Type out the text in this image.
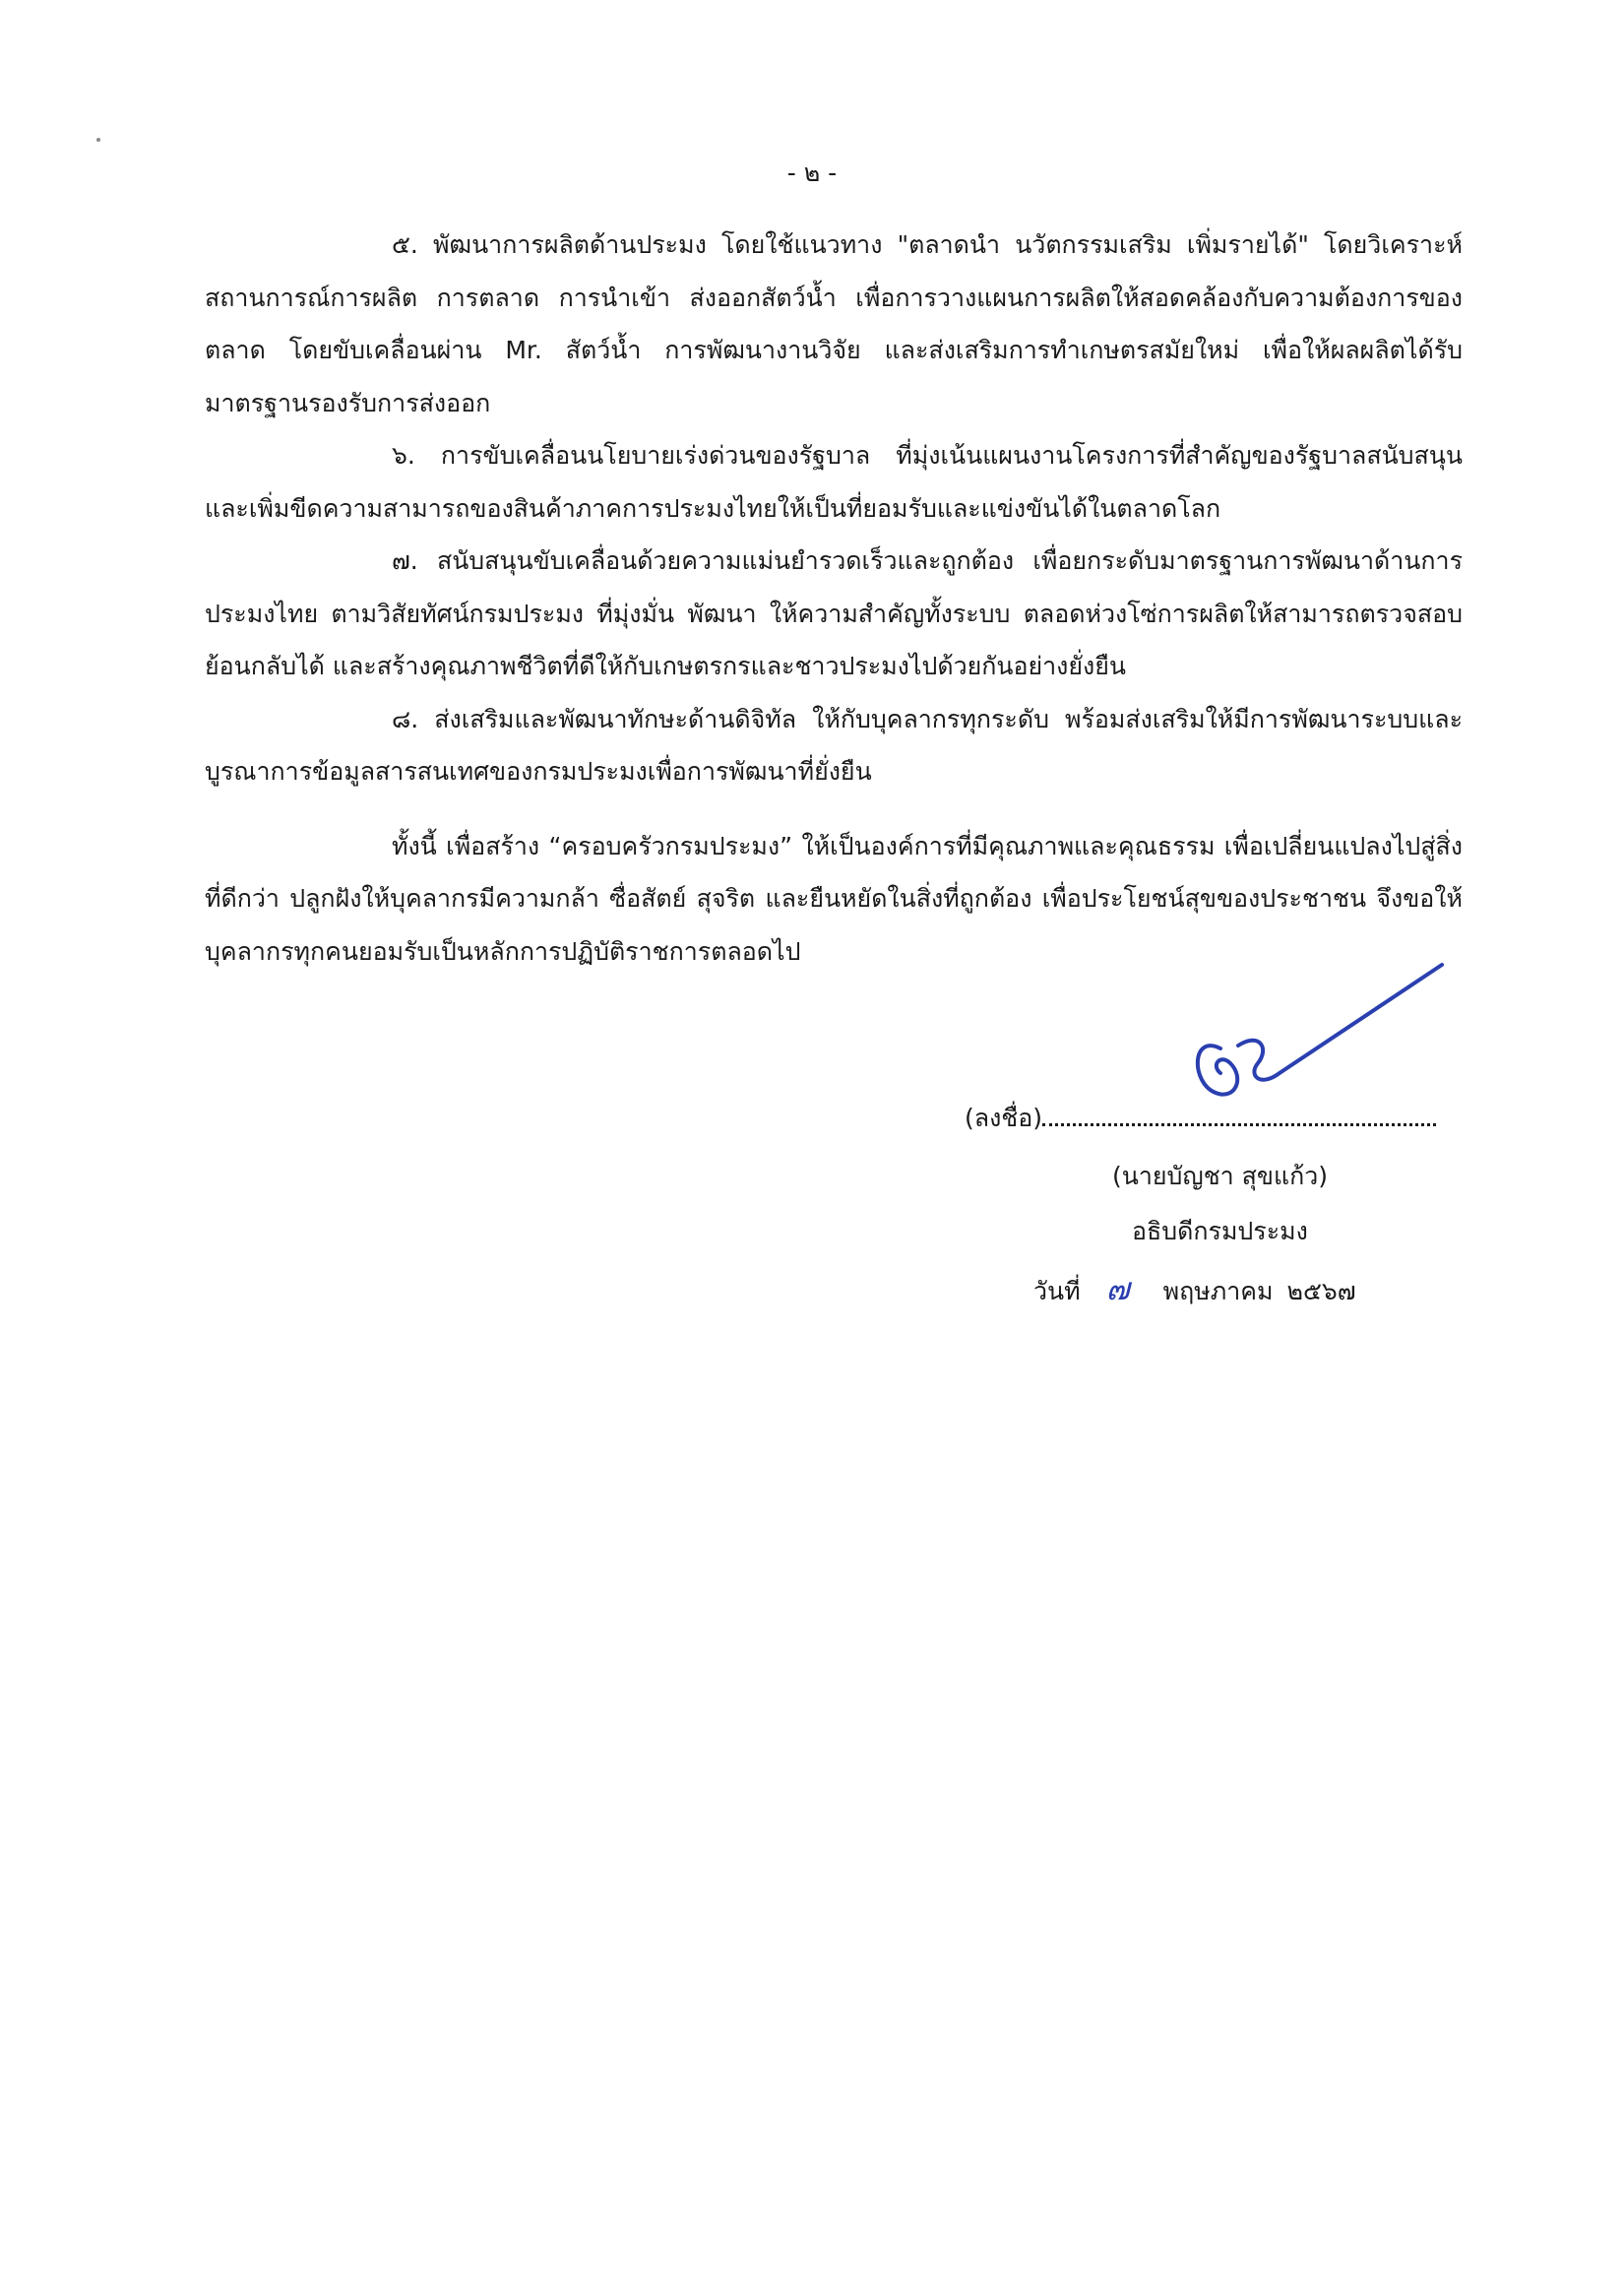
- ๒ -

๕. พัฒนาการผลิตด้านประมง โดยใช้แนวทาง "ตลาดนำ นวัตกรรมเสริม เพิ่มรายได้" โดยวิเคราะห์สถานการณ์การผลิต การตลาด การนำเข้า ส่งออกสัตว์น้ำ เพื่อการวางแผนการผลิตให้สอดคล้องกับความต้องการของตลาด โดยขับเคลื่อนผ่าน Mr. สัตว์น้ำ การพัฒนางานวิจัย และส่งเสริมการทำเกษตรสมัยใหม่ เพื่อให้ผลผลิตได้รับมาตรฐานรองรับการส่งออก

๖. การขับเคลื่อนนโยบายเร่งด่วนของรัฐบาล ที่มุ่งเน้นแผนงานโครงการที่สำคัญของรัฐบาลสนับสนุนและเพิ่มขีดความสามารถของสินค้าภาคการประมงไทยให้เป็นที่ยอมรับและแข่งขันได้ในตลาดโลก

๗. สนับสนุนขับเคลื่อนด้วยความแม่นยำรวดเร็วและถูกต้อง เพื่อยกระดับมาตรฐานการพัฒนาด้านการประมงไทย ตามวิสัยทัศน์กรมประมง ที่มุ่งมั่น พัฒนา ให้ความสำคัญทั้งระบบ ตลอดห่วงโซ่การผลิตให้สามารถตรวจสอบย้อนกลับได้ และสร้างคุณภาพชีวิตที่ดีให้กับเกษตรกรและชาวประมงไปด้วยกันอย่างยั่งยืน

๘. ส่งเสริมและพัฒนาทักษะด้านดิจิทัล ให้กับบุคลากรทุกระดับ พร้อมส่งเสริมให้มีการพัฒนาระบบและบูรณาการข้อมูลสารสนเทศของกรมประมงเพื่อการพัฒนาที่ยั่งยืน

ทั้งนี้ เพื่อสร้าง “ครอบครัวกรมประมง” ให้เป็นองค์การที่มีคุณภาพและคุณธรรม เพื่อเปลี่ยนแปลงไปสู่สิ่งที่ดีกว่า ปลูกฝังให้บุคลากรมีความกล้า ซื่อสัตย์ สุจริต และยืนหยัดในสิ่งที่ถูกต้อง เพื่อประโยชน์สุขของประชาชน จึงขอให้บุคลากรทุกคนยอมรับเป็นหลักการปฏิบัติราชการตลอดไป

(ลงชื่อ)
(นายบัญชา สุขแก้ว)
อธิบดีกรมประมง
วันที่ ๗ พฤษภาคม ๒๕๖๗
